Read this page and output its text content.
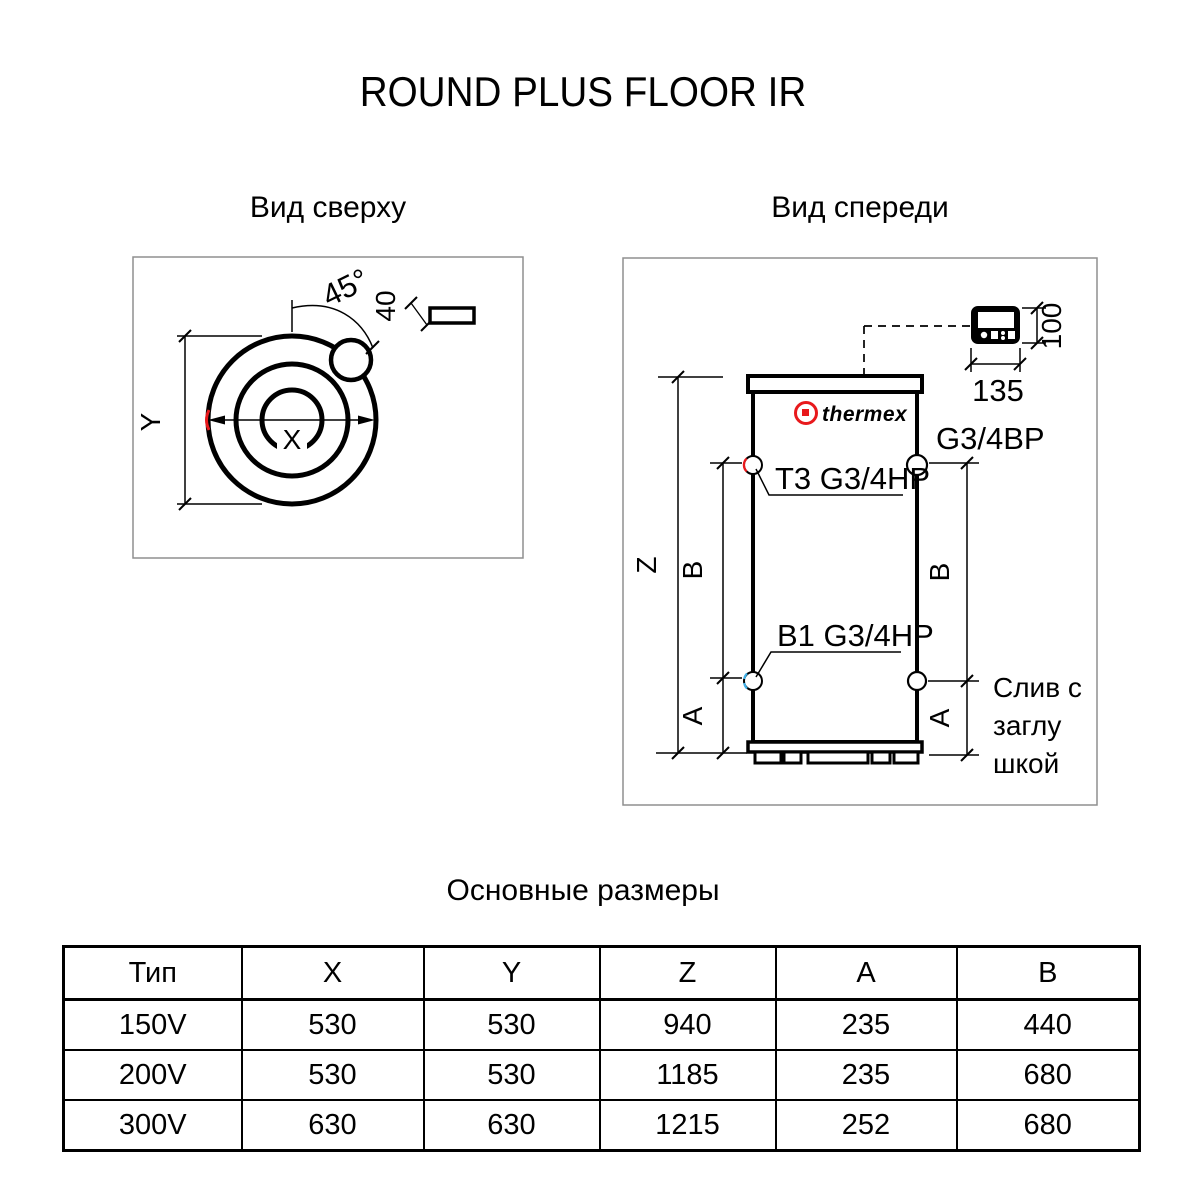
ROUND PLUS FLOOR IR
Вид сверху	Вид спереди
Y
X
45°
40
thermex
100
135
Z B
A
B
A
T3 G3/4HP
B1 G3/4HP
G3/4BP
Слив с
заглу
шкой
Основные размеры
Тип	X	Y	Z	A	B
150V	530	530	940	235	440
200V	530	530	1185	235	680
300V	630	630	1215	252	680
